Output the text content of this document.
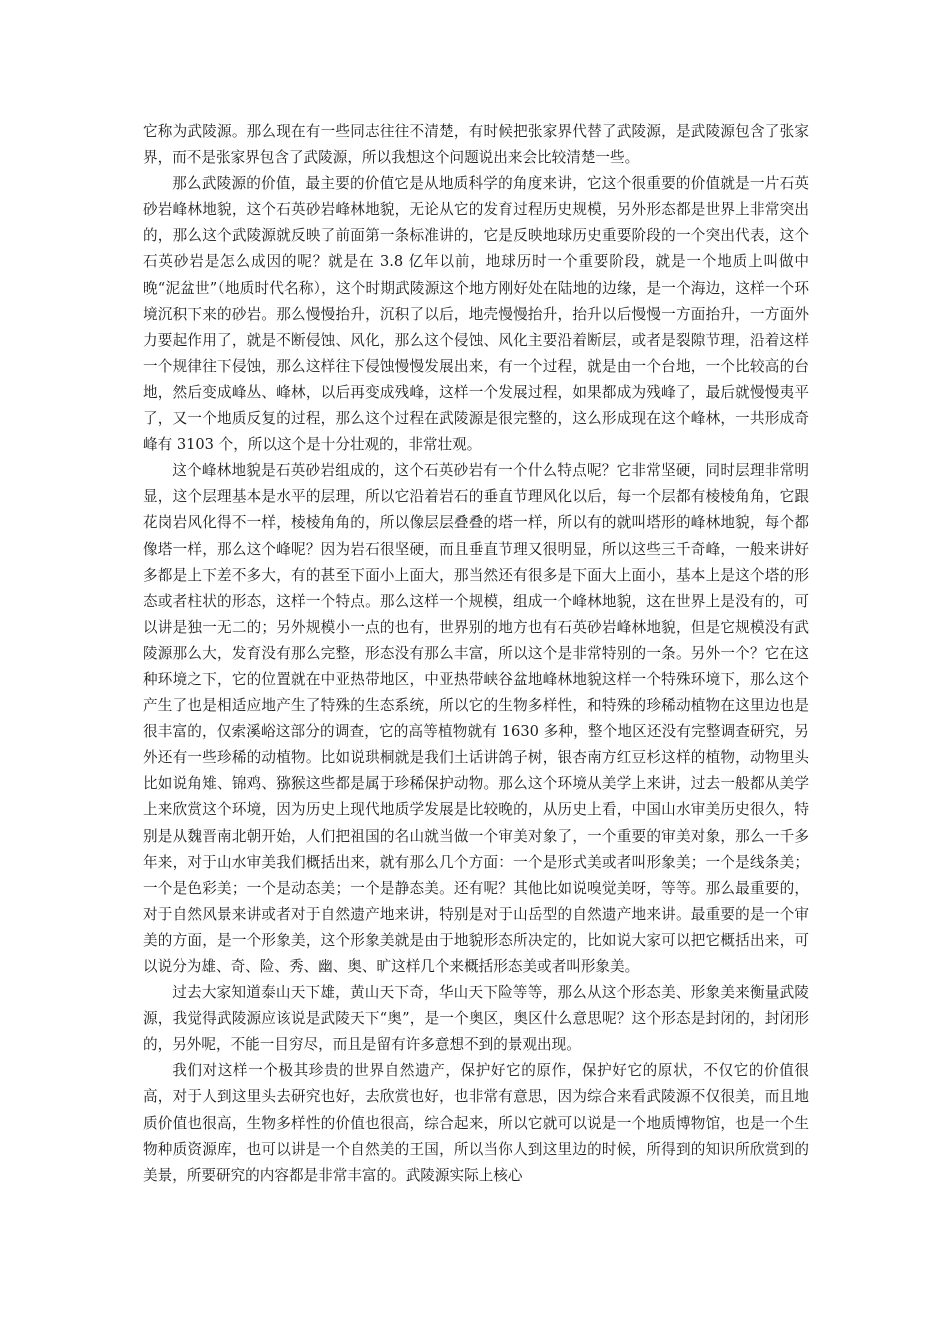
它称为武陵源。那么现在有一些同志往往不清楚，有时候把张家界代替了武陵源，是武陵源包含了张家界，而不是张家界包含了武陵源，所以我想这个问题说出来会比较清楚一些。

那么武陵源的价值，最主要的价值它是从地质科学的角度来讲，它这个很重要的价值就是一片石英砂岩峰林地貌，这个石英砂岩峰林地貌，无论从它的发育过程历史规模，另外形态都是世界上非常突出的，那么这个武陵源就反映了前面第一条标准讲的，它是反映地球历史重要阶段的一个突出代表，这个石英砂岩是怎么成因的呢？就是在 3.8 亿年以前，地球历时一个重要阶段，就是一个地质上叫做中晚“泥盆世”（地质时代名称），这个时期武陵源这个地方刚好处在陆地的边缘，是一个海边，这样一个环境沉积下来的砂岩。那么慢慢抬升，沉积了以后，地壳慢慢抬升，抬升以后慢慢一方面抬升，一方面外力要起作用了，就是不断侵蚀、风化，那么这个侵蚀、风化主要沿着断层，或者是裂隙节理，沿着这样一个规律往下侵蚀，那么这样往下侵蚀慢慢发展出来，有一个过程，就是由一个台地，一个比较高的台地，然后变成峰丛、峰林，以后再变成残峰，这样一个发展过程，如果都成为残峰了，最后就慢慢夷平了，又一个地质反复的过程，那么这个过程在武陵源是很完整的，这么形成现在这个峰林，一共形成奇峰有 3103 个，所以这个是十分壮观的，非常壮观。

这个峰林地貌是石英砂岩组成的，这个石英砂岩有一个什么特点呢？它非常坚硬，同时层理非常明显，这个层理基本是水平的层理，所以它沿着岩石的垂直节理风化以后，每一个层都有棱棱角角，它跟花岗岩风化得不一样，棱棱角角的，所以像层层叠叠的塔一样，所以有的就叫塔形的峰林地貌，每个都像塔一样，那么这个峰呢？因为岩石很坚硬，而且垂直节理又很明显，所以这些三千奇峰，一般来讲好多都是上下差不多大，有的甚至下面小上面大，那当然还有很多是下面大上面小，基本上是这个塔的形态或者柱状的形态，这样一个特点。那么这样一个规模，组成一个峰林地貌，这在世界上是没有的，可以讲是独一无二的；另外规模小一点的也有，世界别的地方也有石英砂岩峰林地貌，但是它规模没有武陵源那么大，发育没有那么完整，形态没有那么丰富，所以这个是非常特别的一条。另外一个？它在这种环境之下，它的位置就在中亚热带地区，中亚热带峡谷盆地峰林地貌这样一个特殊环境下，那么这个产生了也是相适应地产生了特殊的生态系统，所以它的生物多样性，和特殊的珍稀动植物在这里边也是很丰富的，仅索溪峪这部分的调查，它的高等植物就有 1630 多种，整个地区还没有完整调查研究，另外还有一些珍稀的动植物。比如说珙桐就是我们土话讲鸽子树，银杏南方红豆杉这样的植物，动物里头比如说角雉、锦鸡、猕猴这些都是属于珍稀保护动物。那么这个环境从美学上来讲，过去一般都从美学上来欣赏这个环境，因为历史上现代地质学发展是比较晚的，从历史上看，中国山水审美历史很久，特别是从魏晋南北朝开始，人们把祖国的名山就当做一个审美对象了，一个重要的审美对象，那么一千多年来，对于山水审美我们概括出来，就有那么几个方面：一个是形式美或者叫形象美；一个是线条美；一个是色彩美；一个是动态美；一个是静态美。还有呢？其他比如说嗅觉美呀，等等。那么最重要的，对于自然风景来讲或者对于自然遗产地来讲，特别是对于山岳型的自然遗产地来讲。最重要的是一个审美的方面，是一个形象美，这个形象美就是由于地貌形态所决定的，比如说大家可以把它概括出来，可以说分为雄、奇、险、秀、幽、奥、旷这样几个来概括形态美或者叫形象美。

过去大家知道泰山天下雄，黄山天下奇，华山天下险等等，那么从这个形态美、形象美来衡量武陵源，我觉得武陵源应该说是武陵天下“奥”，是一个奥区，奥区什么意思呢？这个形态是封闭的，封闭形的，另外呢，不能一目穷尽，而且是留有许多意想不到的景观出现。

我们对这样一个极其珍贵的世界自然遗产，保护好它的原作，保护好它的原状，不仅它的价值很高，对于人到这里头去研究也好，去欣赏也好，也非常有意思，因为综合来看武陵源不仅很美，而且地质价值也很高，生物多样性的价值也很高，综合起来，所以它就可以说是一个地质博物馆，也是一个生物种质资源库，也可以讲是一个自然美的王国，所以当你人到这里边的时候，所得到的知识所欣赏到的美景，所要研究的内容都是非常丰富的。武陵源实际上核心
